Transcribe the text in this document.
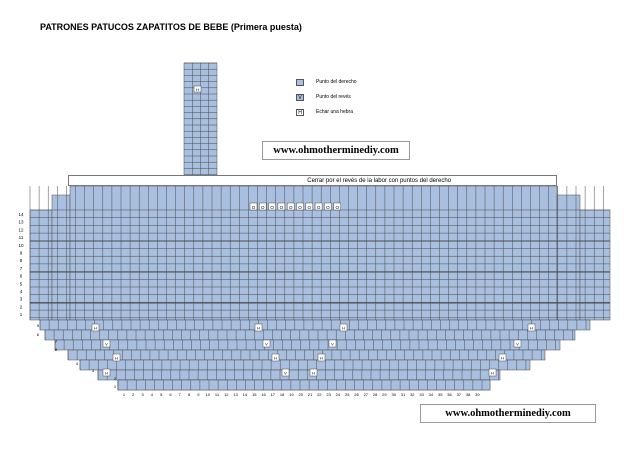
PATRONES PATUCOS ZAPATITOS DE BEBE (Primera puesta)
H
14
13
12
11
10
9
8
7
6
5
4
3
2
1
O O O O O O O O O O
5
6
7
8
4
3
2
1
H	H	H	H
V	V	V	V
H	H	H	H
H	V	H	H
1 2 3 4 5 6 7 8 9 10 11 12 13 14 15 16 17 18 19 20 21 22 23 24 25 26 27 28 29 30 31 32 33 34 35 36 37 38 39
Cerrar por el revés de la labor con puntos del derecho
www.ohmotherminediy.com
www.ohmotherminediy.com
Punto del derecho
V	Punto del revés
H	Echar una hebra
